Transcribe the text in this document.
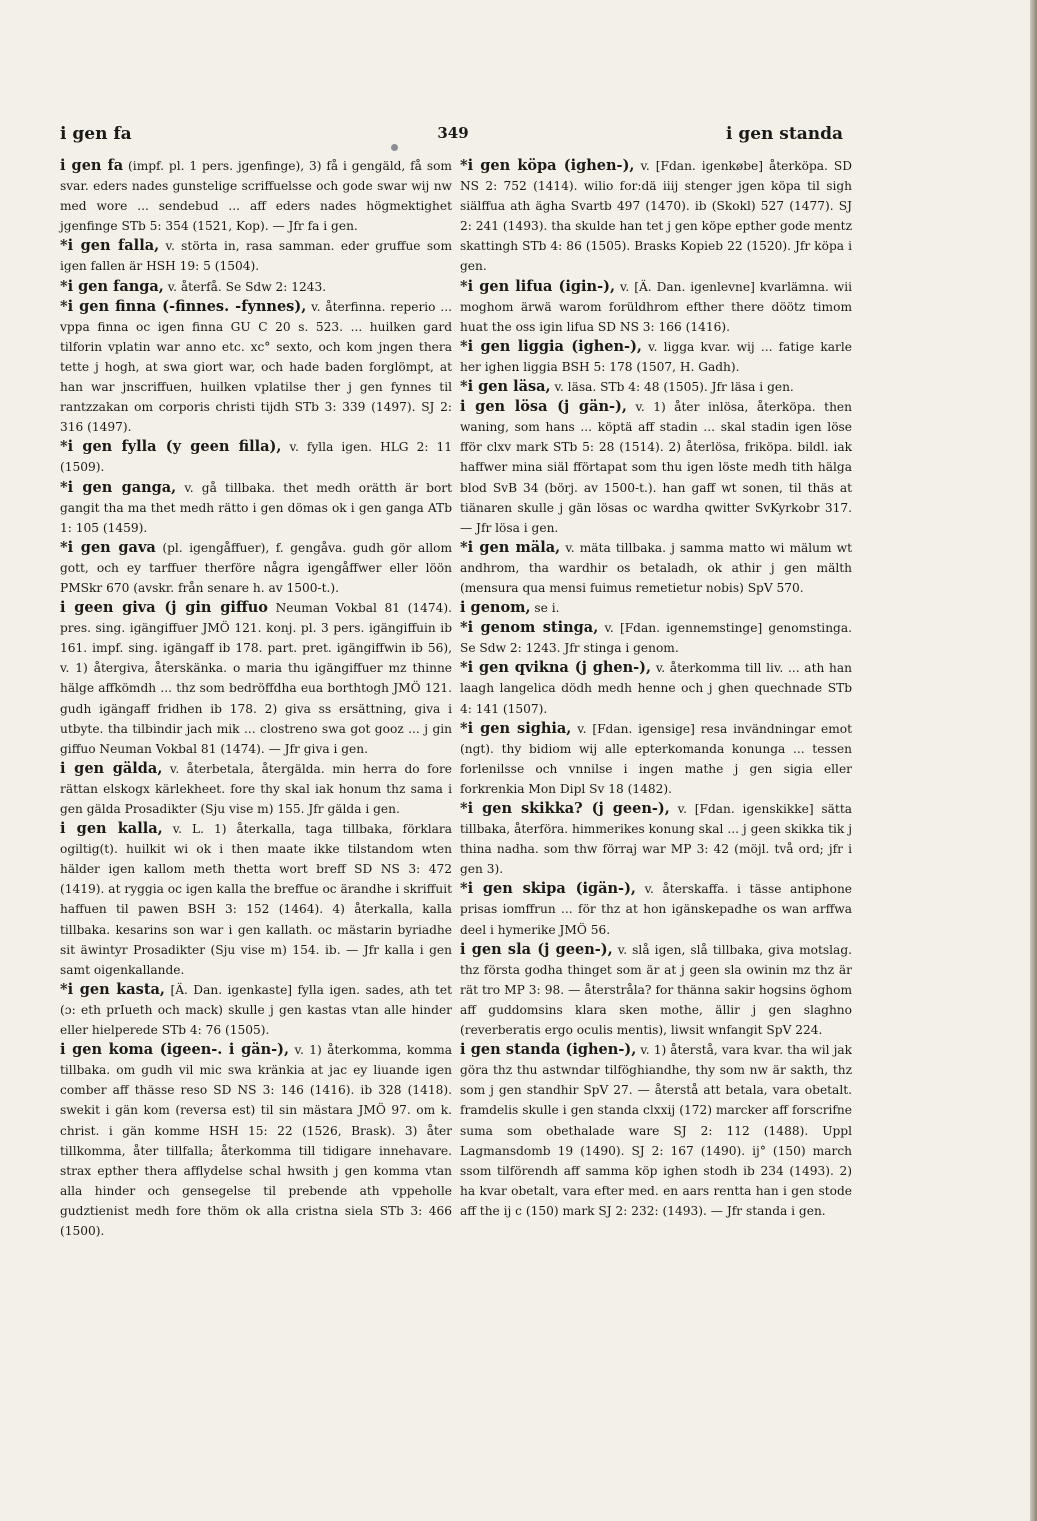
i gen fa	349	i gen standa

i gen fa (impf. pl. 1 pers. jgenfinge), 3) få i gengäld, få som svar. eders nades gunstelige scriffuelsse och gode swar wij nw med wore ... sendebud ... aff eders nades högmektighet jgenfinge STb 5: 354 (1521, Kop). — Jfr fa i gen.

*i gen falla, v. störta in, rasa samman. eder gruffue som igen fallen är HSH 19: 5 (1504).

*i gen fanga, v. återfå. Se Sdw 2: 1243.

*i gen finna (-finnes. -fynnes), v. återfinna. reperio ... vppa finna oc igen finna GU C 20 s. 523. ... huilken gard tilforin vplatin war anno etc. xc° sexto, och kom jngen thera tette j hogh, at swa giort war, och hade baden forglömpt, at han war jnscriffuen, huilken vplatilse ther j gen fynnes til rantzzakan om corporis christi tijdh STb 3: 339 (1497). SJ 2: 316 (1497).

*i gen fylla (y geen filla), v. fylla igen. HLG 2: 11 (1509).

*i gen ganga, v. gå tillbaka. thet medh orätth är bort gangit tha ma thet medh rätto i gen dömas ok i gen ganga ATb 1: 105 (1459).

*i gen gava (pl. igengåffuer), f. gengåva. gudh gör allom gott, och ey tarffuer therföre några igengåffwer eller löön PMSkr 670 (avskr. från senare h. av 1500-t.).

i geen giva (j gin giffuo Neuman Vokbal 81 (1474). pres. sing. igängiffuer JMÖ 121. konj. pl. 3 pers. igängiffuin ib 161. impf. sing. igängaff ib 178. part. pret. igängiffwin ib 56), v. 1) återgiva, återskänka. o maria thu igängiffuer mz thinne hälge affkömdh ... thz som bedröffdha eua borthtogh JMÖ 121. gudh igängaff fridhen ib 178. 2) giva ss ersättning, giva i utbyte. tha tilbindir jach mik ... clostreno swa got gooz ... j gin giffuo Neuman Vokbal 81 (1474). — Jfr giva i gen.

i gen gälda, v. återbetala, återgälda. min herra do fore rättan elskogx kärlekheet. fore thy skal iak honum thz sama i gen gälda Prosadikter (Sju vise m) 155. Jfr gälda i gen.

i gen kalla, v. L. 1) återkalla, taga tillbaka, förklara ogiltig(t). huilkit wi ok i then maate ikke tilstandom wten hälder igen kallom meth thetta wort breff SD NS 3: 472 (1419). at ryggia oc igen kalla the breffue oc ärandhe i skriffuit haffuen til pawen BSH 3: 152 (1464). 4) återkalla, kalla tillbaka. kesarins son war i gen kallath. oc mästarin byriadhe sit äwintyr Prosadikter (Sju vise m) 154. ib. — Jfr kalla i gen samt oigenkallande.

*i gen kasta, [Ä. Dan. igenkaste] fylla igen. sades, ath tet (ɔ: eth prIueth och mack) skulle j gen kastas vtan alle hinder eller hielperede STb 4: 76 (1505).

i gen koma (igeen-. i gän-), v. 1) återkomma, komma tillbaka. om gudh vil mic swa kränkia at jac ey liuande igen comber aff thässe reso SD NS 3: 146 (1416). ib 328 (1418). swekit i gän kom (reversa est) til sin mästara JMÖ 97. om k. christ. i gän komme HSH 15: 22 (1526, Brask). 3) åter tillkomma, åter tillfalla; återkomma till tidigare innehavare. strax epther thera afflydelse schal hwsith j gen komma vtan alla hinder och gensegelse til prebende ath vppeholle gudztienist medh fore thöm ok alla cristna siela STb 3: 466 (1500).

*i gen köpa (ighen-), v. [Fdan. igenkøbe] återköpa. SD NS 2: 752 (1414). wilio for:dä iiij stenger jgen köpa til sigh siälffua ath ägha Svartb 497 (1470). ib (Skokl) 527 (1477). SJ 2: 241 (1493). tha skulde han tet j gen köpe epther gode mentz skattingh STb 4: 86 (1505). Brasks Kopieb 22 (1520). Jfr köpa i gen.

*i gen lifua (igin-), v. [Ä. Dan. igenlevne] kvarlämna. wii moghom ärwä warom forüldhrom efther there döötz timom huat the oss igin lifua SD NS 3: 166 (1416).

*i gen liggia (ighen-), v. ligga kvar. wij ... fatige karle her ighen liggia BSH 5: 178 (1507, H. Gadh).

*i gen läsa, v. läsa. STb 4: 48 (1505). Jfr läsa i gen.

i gen lösa (j gän-), v. 1) åter inlösa, återköpa. then waning, som hans ... köptä aff stadin ... skal stadin igen löse fför clxv mark STb 5: 28 (1514). 2) återlösa, friköpa. bildl. iak haffwer mina siäl fförtapat som thu igen löste medh tith hälga blod SvB 34 (börj. av 1500-t.). han gaff wt sonen, til thäs at tiänaren skulle j gän lösas oc wardha qwitter SvKyrkobr 317. — Jfr lösa i gen.

*i gen mäla, v. mäta tillbaka. j samma matto wi mälum wt andhrom, tha wardhir os betaladh, ok athir j gen mälth (mensura qua mensi fuimus remetietur nobis) SpV 570.

i genom, se i.

*i genom stinga, v. [Fdan. igennemstinge] genomstinga. Se Sdw 2: 1243. Jfr stinga i genom.

*i gen qvikna (j ghen-), v. återkomma till liv. ... ath han laagh langelica dödh medh henne och j ghen quechnade STb 4: 141 (1507).

*i gen sighia, v. [Fdan. igensige] resa invändningar emot (ngt). thy bidiom wij alle epterkomanda konunga ... tessen forlenilsse och vnnilse i ingen mathe j gen sigia eller forkrenkia Mon Dipl Sv 18 (1482).

*i gen skikka? (j geen-), v. [Fdan. igenskikke] sätta tillbaka, återföra. himmerikes konung skal ... j geen skikka tik j thina nadha. som thw förraj war MP 3: 42 (möjl. två ord; jfr i gen 3).

*i gen skipa (igän-), v. återskaffa. i tässe antiphone prisas iomffrun ... för thz at hon igänskepadhe os wan arffwa deel i hymerike JMÖ 56.

i gen sla (j geen-), v. slå igen, slå tillbaka, giva motslag. thz första godha thinget som är at j geen sla owinin mz thz är rät tro MP 3: 98. — återstråla? for thänna sakir hogsins öghom aff guddomsins klara sken mothe, ällir j gen slaghno (reverberatis ergo oculis mentis), liwsit wnfangit SpV 224.

i gen standa (ighen-), v. 1) återstå, vara kvar. tha wil jak göra thz thu astwndar tilföghiandhe, thy som nw är sakth, thz som j gen standhir SpV 27. — återstå att betala, vara obetalt. framdelis skulle i gen standa clxxij (172) marcker aff forscrifne suma som obethalade ware SJ 2: 112 (1488). Uppl Lagmansdomb 19 (1490). SJ 2: 167 (1490). ij° (150) march ssom tilförendh aff samma köp ighen stodh ib 234 (1493). 2) ha kvar obetalt, vara efter med. en aars rentta han i gen stode aff the ij c (150) mark SJ 2: 232: (1493). — Jfr standa i gen.
